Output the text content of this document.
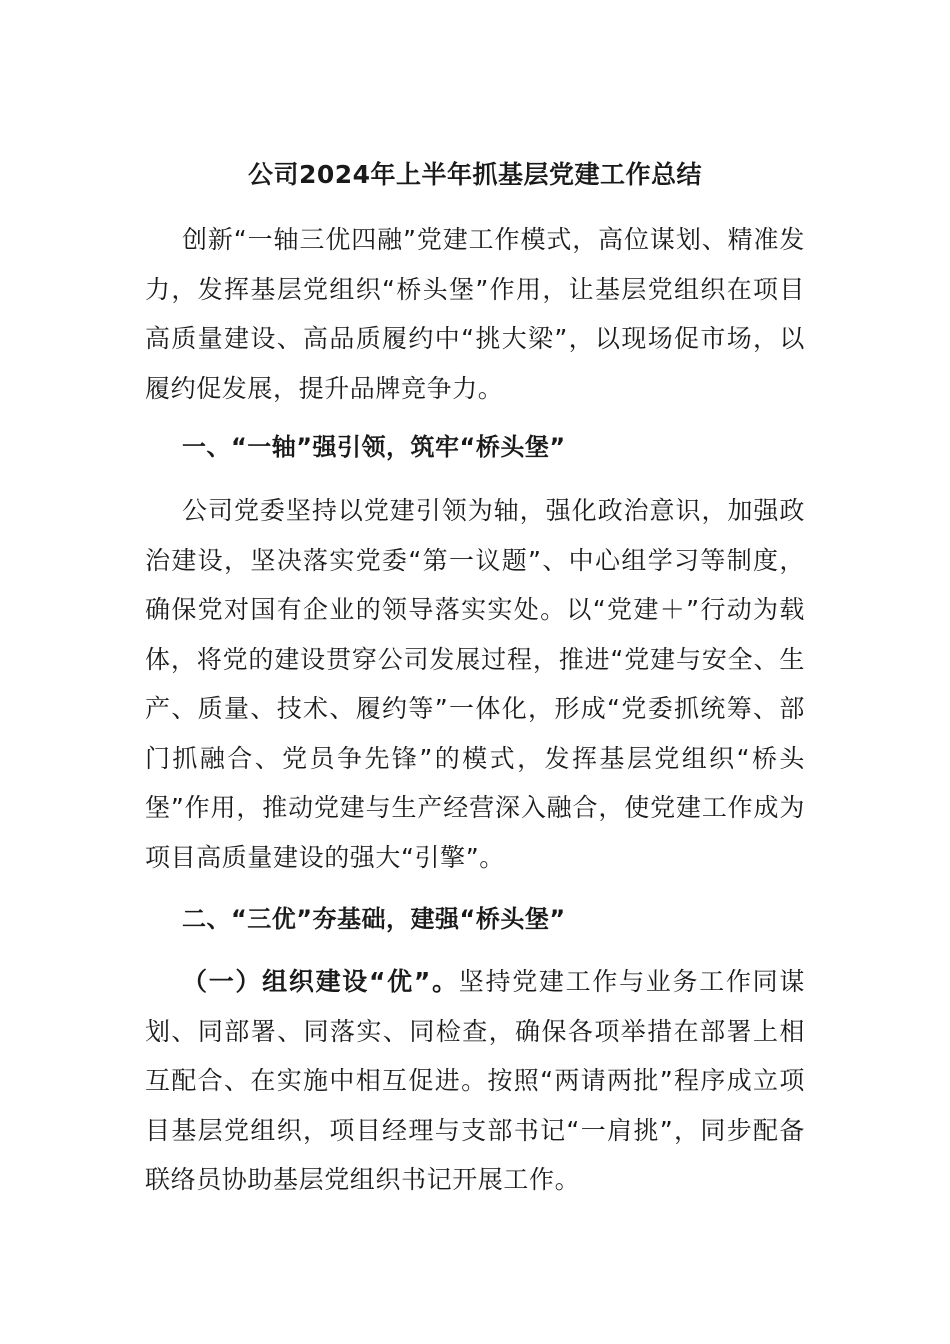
公司2024年上半年抓基层党建工作总结

创新“一轴三优四融”党建工作模式，高位谋划、精准发力，发挥基层党组织“桥头堡”作用，让基层党组织在项目高质量建设、高品质履约中“挑大梁”，以现场促市场，以履约促发展，提升品牌竞争力。

一、“一轴”强引领，筑牢“桥头堡”

公司党委坚持以党建引领为轴，强化政治意识，加强政治建设，坚决落实党委“第一议题”、中心组学习等制度，确保党对国有企业的领导落实实处。以“党建＋”行动为载体，将党的建设贯穿公司发展过程，推进“党建与安全、生产、质量、技术、履约等”一体化，形成“党委抓统筹、部门抓融合、党员争先锋”的模式，发挥基层党组织“桥头堡”作用，推动党建与生产经营深入融合，使党建工作成为项目高质量建设的强大“引擎”。

二、“三优”夯基础，建强“桥头堡”

（一）组织建设“优”。坚持党建工作与业务工作同谋划、同部署、同落实、同检查，确保各项举措在部署上相互配合、在实施中相互促进。按照“两请两批”程序成立项目基层党组织，项目经理与支部书记“一肩挑”，同步配备联络员协助基层党组织书记开展工作。
